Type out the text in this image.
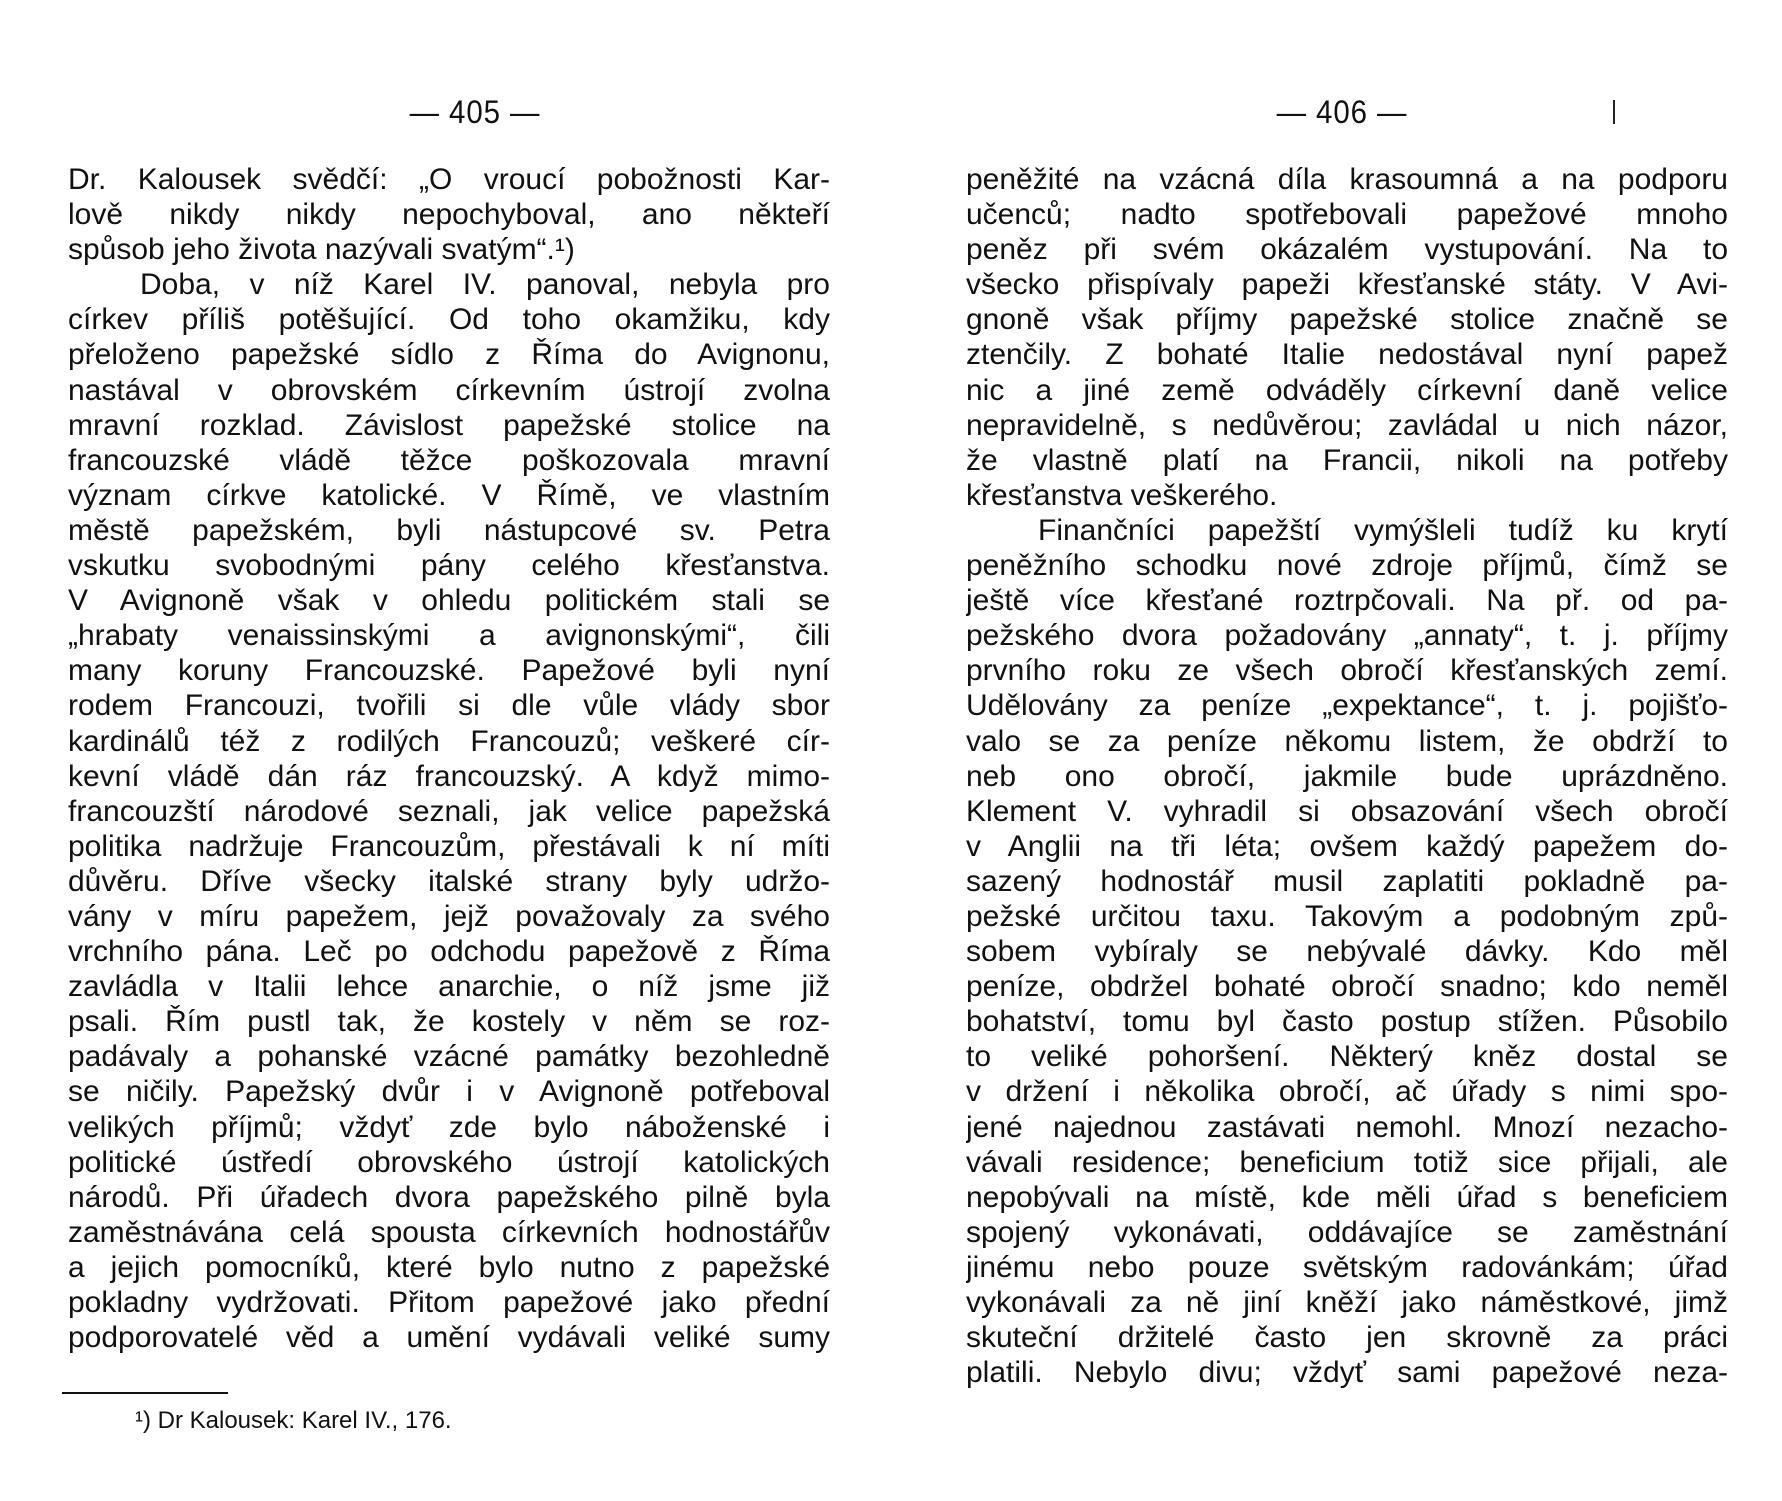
— 405 —
Dr. Kalousek svědčí: „O vroucí pobožnosti Kar-
lově nikdy nikdy nepochyboval, ano někteří
spůsob jeho života nazývali svatým“.¹)
Doba, v níž Karel IV. panoval, nebyla pro
církev příliš potěšující. Od toho okamžiku, kdy
přeloženo papežské sídlo z Říma do Avignonu,
nastával v obrovském církevním ústrojí zvolna
mravní rozklad. Závislost papežské stolice na
francouzské vládě těžce poškozovala mravní
význam církve katolické. V Římě, ve vlastním
městě papežském, byli nástupcové sv. Petra
vskutku svobodnými pány celého křesťanstva.
V Avignoně však v ohledu politickém stali se
„hrabaty venaissinskými a avignonskými“, čili
many koruny Francouzské. Papežové byli nyní
rodem Francouzi, tvořili si dle vůle vlády sbor
kardinálů též z rodilých Francouzů; veškeré cír-
kevní vládě dán ráz francouzský. A když mimo-
francouzští národové seznali, jak velice papežská
politika nadržuje Francouzům, přestávali k ní míti
důvěru. Dříve všecky italské strany byly udržo-
vány v míru papežem, jejž považovaly za svého
vrchního pána. Leč po odchodu papežově z Říma
zavládla v Italii lehce anarchie, o níž jsme již
psali. Řím pustl tak, že kostely v něm se roz-
padávaly a pohanské vzácné památky bezohledně
se ničily. Papežský dvůr i v Avignoně potřeboval
velikých příjmů; vždyť zde bylo náboženské i
politické ústředí obrovského ústrojí katolických
národů. Při úřadech dvora papežského pilně byla
zaměstnávána celá spousta církevních hodnostářův
a jejich pomocníků, které bylo nutno z papežské
pokladny vydržovati. Přitom papežové jako přední
podporovatelé věd a umění vydávali veliké sumy
¹) Dr Kalousek: Karel IV., 176.
— 406 —
peněžité na vzácná díla krasoumná a na podporu
učenců; nadto spotřebovali papežové mnoho
peněz při svém okázalém vystupování. Na to
všecko přispívaly papeži křesťanské státy. V Avi-
gnoně však příjmy papežské stolice značně se
ztenčily. Z bohaté Italie nedostával nyní papež
nic a jiné země odváděly církevní daně velice
nepravidelně, s nedůvěrou; zavládal u nich názor,
že vlastně platí na Francii, nikoli na potřeby
křesťanstva veškerého.
Finančníci papežští vymýšleli tudíž ku krytí
peněžního schodku nové zdroje příjmů, čímž se
ještě více křesťané roztrpčovali. Na př. od pa-
pežského dvora požadovány „annaty“, t. j. příjmy
prvního roku ze všech obročí křesťanských zemí.
Udělovány za peníze „expektance“, t. j. pojišťo-
valo se za peníze někomu listem, že obdrží to
neb ono obročí, jakmile bude uprázdněno.
Klement V. vyhradil si obsazování všech obročí
v Anglii na tři léta; ovšem každý papežem do-
sazený hodnostář musil zaplatiti pokladně pa-
pežské určitou taxu. Takovým a podobným způ-
sobem vybíraly se nebývalé dávky. Kdo měl
peníze, obdržel bohaté obročí snadno; kdo neměl
bohatství, tomu byl často postup stížen. Působilo
to veliké pohoršení. Některý kněz dostal se
v držení i několika obročí, ač úřady s nimi spo-
jené najednou zastávati nemohl. Mnozí nezacho-
vávali residence; beneficium totiž sice přijali, ale
nepobývali na místě, kde měli úřad s beneficiem
spojený vykonávati, oddávajíce se zaměstnání
jinému nebo pouze světským radovánkám; úřad
vykonávali za ně jiní kněží jako náměstkové, jimž
skuteční držitelé často jen skrovně za práci
platili. Nebylo divu; vždyť sami papežové neza-
